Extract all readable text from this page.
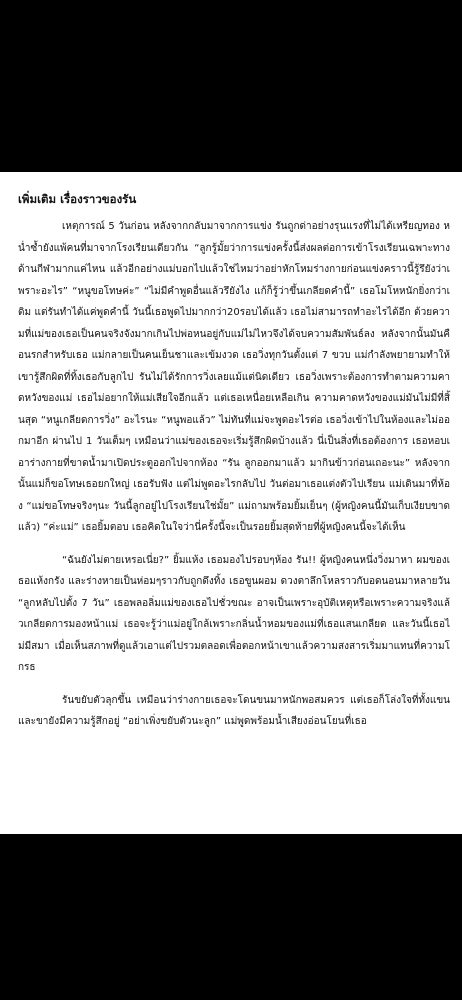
เพิ่มเติม เรื่องราวของรัน

เหตุการณ์ 5 วันก่อน หลังจากกลับมาจากการแข่ง รันถูกด่าอย่างรุนแรงที่ไม่ได้เหรียญทอง หน่ำซ้ำยังแพ้คนที่มาจากโรงเรียนเดียวกัน “ลูกรู้มั้ยว่าการแข่งครั้งนี้ส่งผลต่อการเข้าโรงเรียนเฉพาะทางด้านกีฬามากแค่ไหน แล้วอีกอย่างแม่บอกไปแล้วใช่ไหมว่าอย่าหักโหมร่างกายก่อนแข่งคราวนี้รู้รึยังว่าเพราะอะไร” “หนูขอโทษค่ะ” “ไม่มีคำพูดอื่นแล้วรึยังไง แก้ก็รู้ว่าขึ้นเกลียดคำนี้” เธอโมโหหนักยิ่งกว่าเดิม แต่รันทำได้แค่พูดคำนี้ วันนี้เธอพูดไปมากกว่า20รอบได้แล้ว เธอไม่สามารถทำอะไรได้อีก ด้วยความที่แม่ของเธอเป็นคนจริงจังมากเกินไปพ่อหนอยู่กับแม่ไม่ไหวจึงได้จบความสัมพันธ์ลง หลังจากนั้นมันคือนรกสำหรับเธอ แม่กลายเป็นคนเย็นชาและเข้มงวด เธอวิ่งทุกวันตั้งแต่ 7 ขวบ แม่กำลังพยายามทำให้เขารู้สึกผิดที่ทิ้งเธอกับลูกไป รันไม่ได้รักการวิ่งเลยแม้แต่นิดเดียว เธอวิ่งเพราะต้องการทำตามความคาดหวังของแม่ เธอไม่อยากให้แม่เสียใจอีกแล้ว แต่เธอเหนื่อยเหลือเกิน ความคาดหวังของแม่มันไม่มีที่สิ้นสุด “หนูเกลียดการวิ่ง” อะไรนะ “หนูพอแล้ว” ไม่ทันที่แม่จะพูดอะไรต่อ เธอวิ่งเข้าไปในห้องและไม่ออกมาอีก ผ่านไป 1 วันเต็มๆ เหมือนว่าแม่ของเธอจะเริ่มรู้สึกผิดบ้างแล้ว นี่เป็นสิ่งที่เธอต้องการ เธอหอบเอาร่างกายที่ขาดน้ำมาเปิดประตูออกไปจากห้อง “รัน ลูกออกมาแล้ว มากินข้าวก่อนเถอะนะ” หลังจากนั้นแม่ก็ขอโทษเธอยกใหญ่ เธอรับฟัง แต่ไม่พูดอะไรกลับไป วันต่อมาเธอแต่งตัวไปเรียน แม่เดินมาที่ห้อง “แม่ขอโทษจริงๆนะ วันนี้ลูกอยู่ไปโรงเรียนใช่มั้ย” แม่ถามพร้อมยิ้มเย็นๆ (ผู้หญิงคนนี้มันเก็บเงียบขาดแล้ว) “ค่ะแม่” เธอยิ้มตอบ เธอคิดในใจว่านี่ครั้งนี้จะเป็นรอยยิ้มสุดท้ายที่ผู้หญิงคนนี้จะได้เห็น

“ฉันยังไม่ตายเหรอเนี่ย?” ยิ้มแห้ง เธอมองไปรอบๆห้อง รัน!! ผู้หญิงคนหนึ่งวิ่งมาหา ผมของเธอแห้งกรัง และร่างหายเป็นห่อมๆราวกับถูกดึงทิ้ง เธอขูนผอม ดวงตาลึกโหลราวกับอดนอนมาหลายวัน “ลูกหลับไปตั้ง 7 วัน” เธอพลอลิ่มแม่ของเธอไปชั่วขณะ อาจเป็นเพราะอุบัติเหตุหรือเพราะความจริงแล้วเกลียดการมองหน้าแม่ เธอจะรู้ว่าแม่อยู่ใกล้เพราะกลิ่นน้ำหอมของแม่ที่เธอแสนเกลียด และวันนี้เธอไม่มีสมา เมื่อเห็นสภาพที่ดูแล้วเอาแต่ไปรวมตลอดเพื่อตอกหน้าเขาแล้วความสงสารเริ่มมาแทนที่ความโกรธ

รันขยับตัวลุกขึ้น เหมือนว่าร่างกายเธอจะโดนขนมาหนักพอสมควร แต่เธอก็โล่งใจที่ทั้งแขนและขายังมีความรู้สึกอยู่ “อย่าเพิ่งขยับตัวนะลูก” แม่พูดพร้อมน้ำเสียงอ่อนโยนที่เธอ
